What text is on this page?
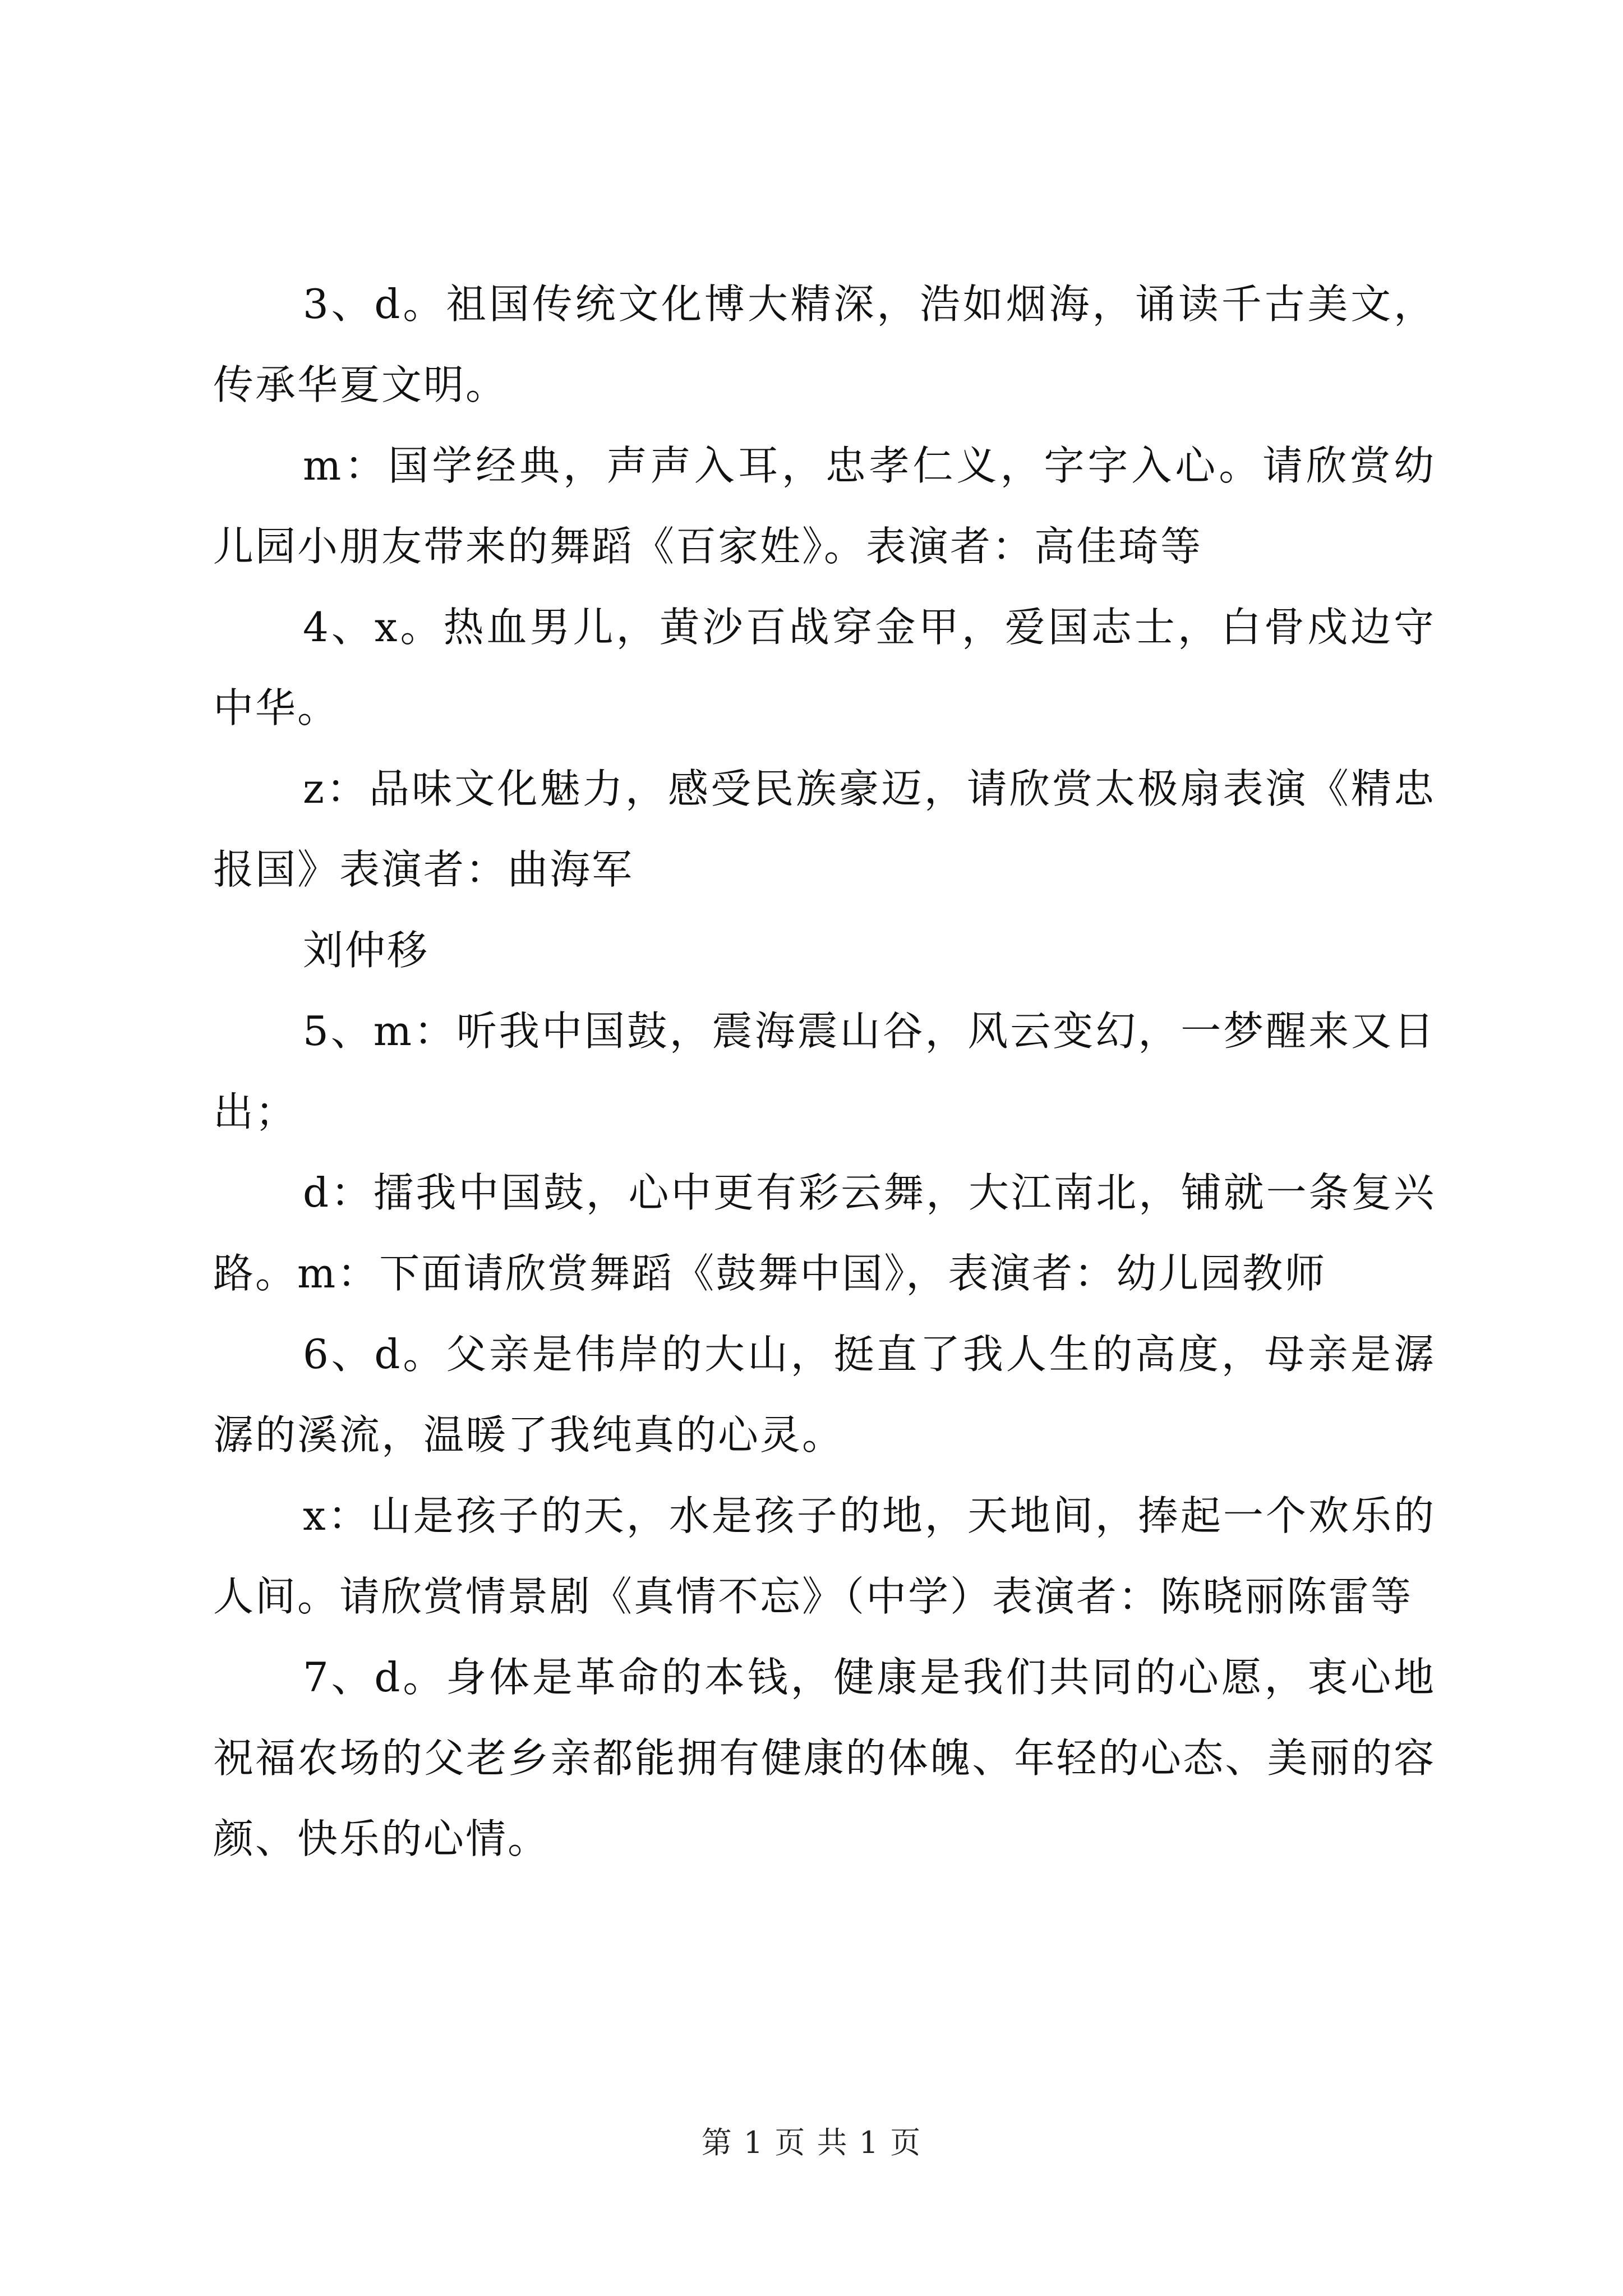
3、d。祖国传统文化博大精深，浩如烟海，诵读千古美文，传承华夏文明。

m：国学经典，声声入耳，忠孝仁义，字字入心。请欣赏幼儿园小朋友带来的舞蹈《百家姓》。表演者：高佳琦等

4、x。热血男儿，黄沙百战穿金甲，爱国志士，白骨戍边守中华。

z：品味文化魅力，感受民族豪迈，请欣赏太极扇表演《精忠报国》表演者：曲海军

刘仲移

5、m：听我中国鼓，震海震山谷，风云变幻，一梦醒来又日出；

d：擂我中国鼓，心中更有彩云舞，大江南北，铺就一条复兴路。m：下面请欣赏舞蹈《鼓舞中国》，表演者：幼儿园教师

6、d。父亲是伟岸的大山，挺直了我人生的高度，母亲是潺潺的溪流，温暖了我纯真的心灵。

x：山是孩子的天，水是孩子的地，天地间，捧起一个欢乐的人间。请欣赏情景剧《真情不忘》（中学）表演者：陈晓丽陈雷等

7、d。身体是革命的本钱，健康是我们共同的心愿，衷心地祝福农场的父老乡亲都能拥有健康的体魄、年轻的心态、美丽的容颜、快乐的心情。

第 1 页 共 1 页
